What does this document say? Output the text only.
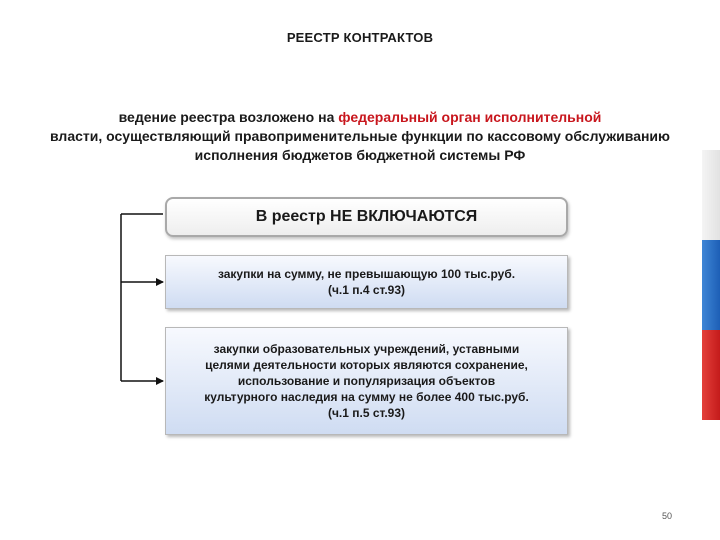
РЕЕСТР КОНТРАКТОВ
ведение реестра возложено на федеральный орган исполнительной
власти, осуществляющий правоприменительные функции по кассовому обслуживанию исполнения бюджетов бюджетной системы РФ
В реестр НЕ ВКЛЮЧАЮТСЯ
закупки на сумму, не превышающую 100 тыс.руб.
(ч.1 п.4 ст.93)
закупки образовательных учреждений, уставными
целями деятельности которых являются сохранение,
использование и популяризация объектов
культурного наследия на сумму не более 400 тыс.руб.
(ч.1 п.5 ст.93)
50
